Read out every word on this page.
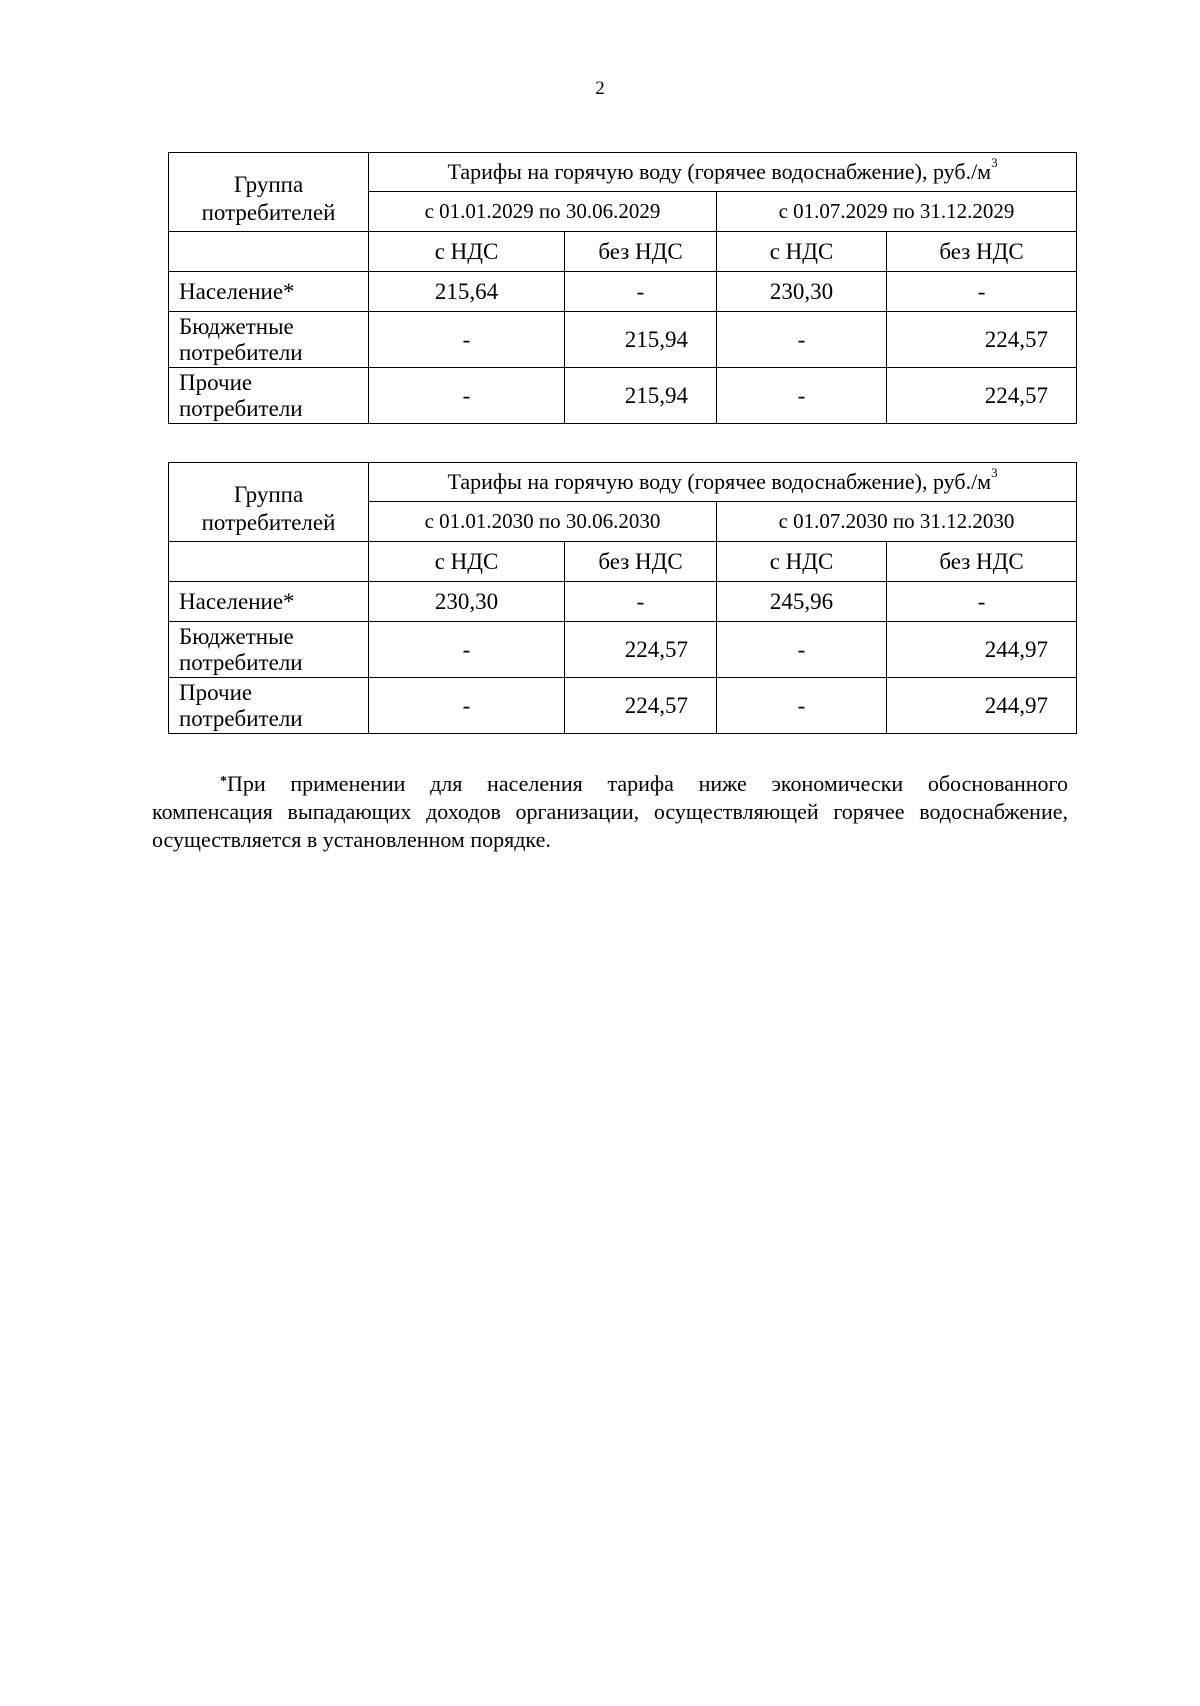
2
Группа потребителей	Тарифы на горячую воду (горячее водоснабжение), $руб./м^3$
	с 01.01.2029 по 30.06.2029		с 01.07.2029 по 31.12.2029	
	с НДС	без НДС	с НДС	без НДС
Население*	215,64	-	230,30	-
Бюджетные потребители	-	215,94	-	224,57
Прочие потребители	-	215,94	-	224,57
Группа потребителей	Тарифы на горячую воду (горячее водоснабжение), $руб./м^3$
	с 01.01.2030 по 30.06.2030		с 01.07.2030 по 31.12.2030	
	с НДС	без НДС	с НДС	без НДС
Население*	230,30	-	245,96	-
Бюджетные потребители	-	224,57	-	244,97
Прочие потребители	-	224,57	-	244,97
*При применении для населения тарифа ниже экономически обоснованного
компенсация выпадающих доходов организации, осуществляющей горячее водоснабжение, осуществляется в установленном порядке.
